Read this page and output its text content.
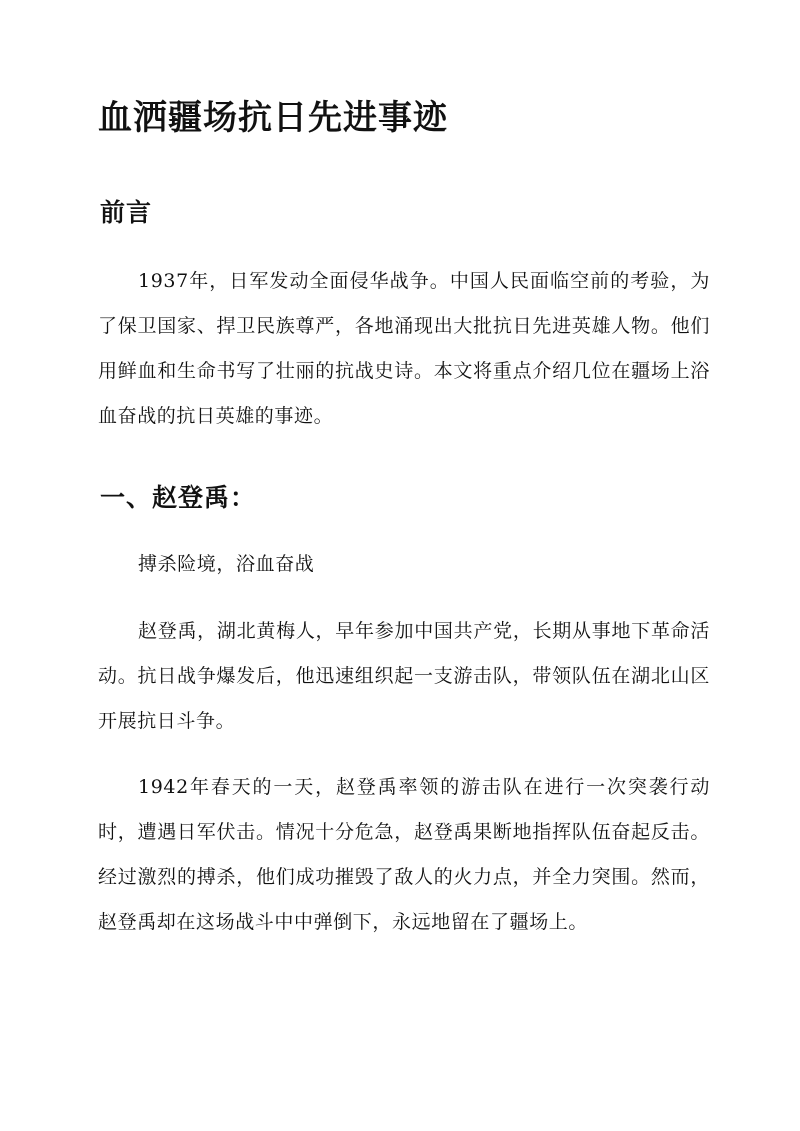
血洒疆场抗日先进事迹
前言

1937年，日军发动全面侵华战争。中国人民面临空前的考验，为了保卫国家、捍卫民族尊严，各地涌现出大批抗日先进英雄人物。他们用鲜血和生命书写了壮丽的抗战史诗。本文将重点介绍几位在疆场上浴血奋战的抗日英雄的事迹。

一、赵登禹：

搏杀险境，浴血奋战

赵登禹，湖北黄梅人，早年参加中国共产党，长期从事地下革命活动。抗日战争爆发后，他迅速组织起一支游击队，带领队伍在湖北山区开展抗日斗争。

1942年春天的一天，赵登禹率领的游击队在进行一次突袭行动时，遭遇日军伏击。情况十分危急，赵登禹果断地指挥队伍奋起反击。经过激烈的搏杀，他们成功摧毁了敌人的火力点，并全力突围。然而，赵登禹却在这场战斗中中弹倒下，永远地留在了疆场上。
